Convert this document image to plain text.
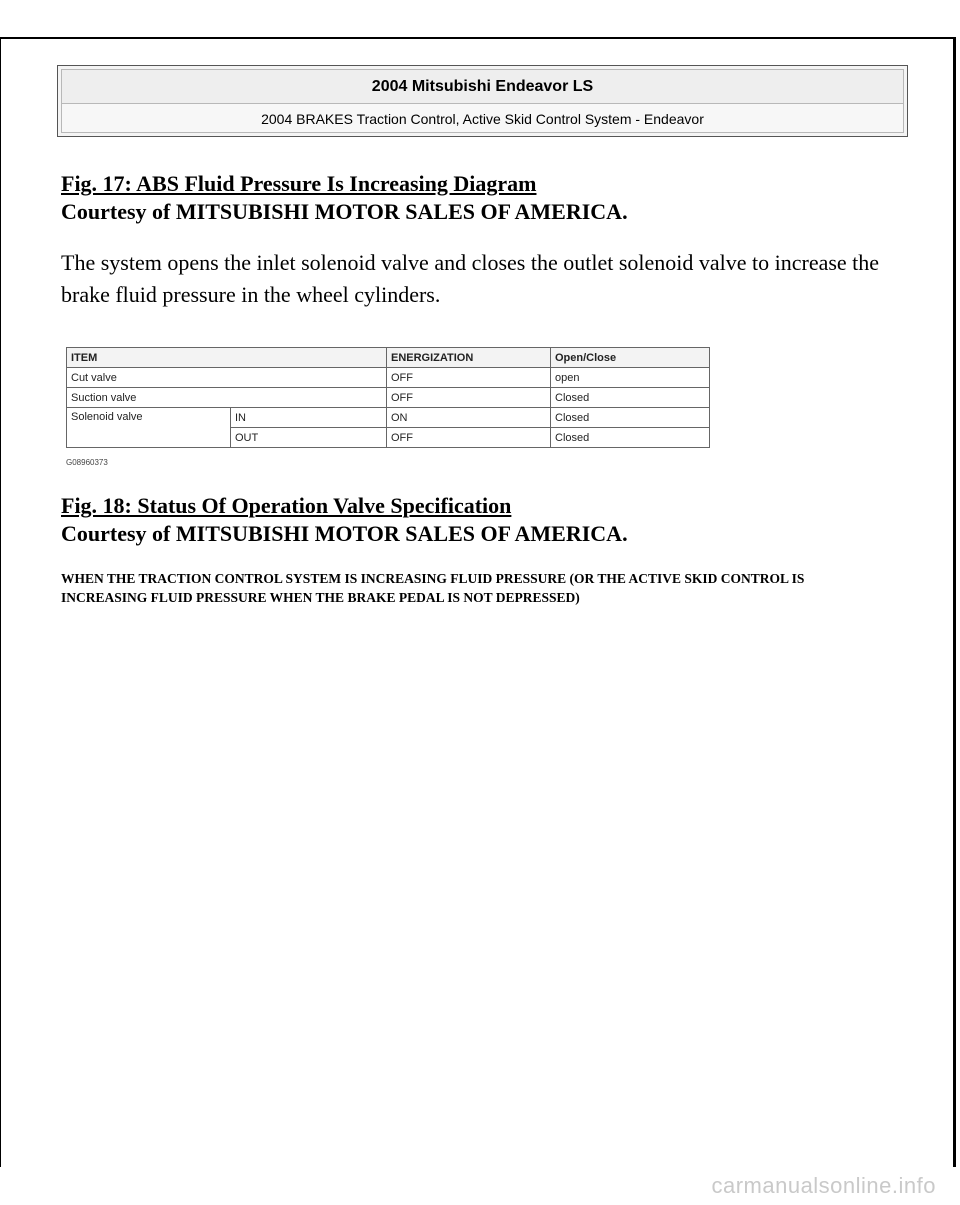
2004 Mitsubishi Endeavor LS
2004 BRAKES Traction Control, Active Skid Control System - Endeavor
Fig. 17: ABS Fluid Pressure Is Increasing Diagram
Courtesy of MITSUBISHI MOTOR SALES OF AMERICA.
The system opens the inlet solenoid valve and closes the outlet solenoid valve to increase the brake fluid pressure in the wheel cylinders.
ITEM		ENERGIZATION	Open/Close
Cut valve		OFF	open
Suction valve		OFF	Closed
Solenoid valve	IN	ON	Closed
	OUT	OFF	Closed
G08960373
Fig. 18: Status Of Operation Valve Specification
Courtesy of MITSUBISHI MOTOR SALES OF AMERICA.
WHEN THE TRACTION CONTROL SYSTEM IS INCREASING FLUID PRESSURE (OR THE ACTIVE SKID CONTROL IS INCREASING FLUID PRESSURE WHEN THE BRAKE PEDAL IS NOT DEPRESSED)
carmanualsonline.info
